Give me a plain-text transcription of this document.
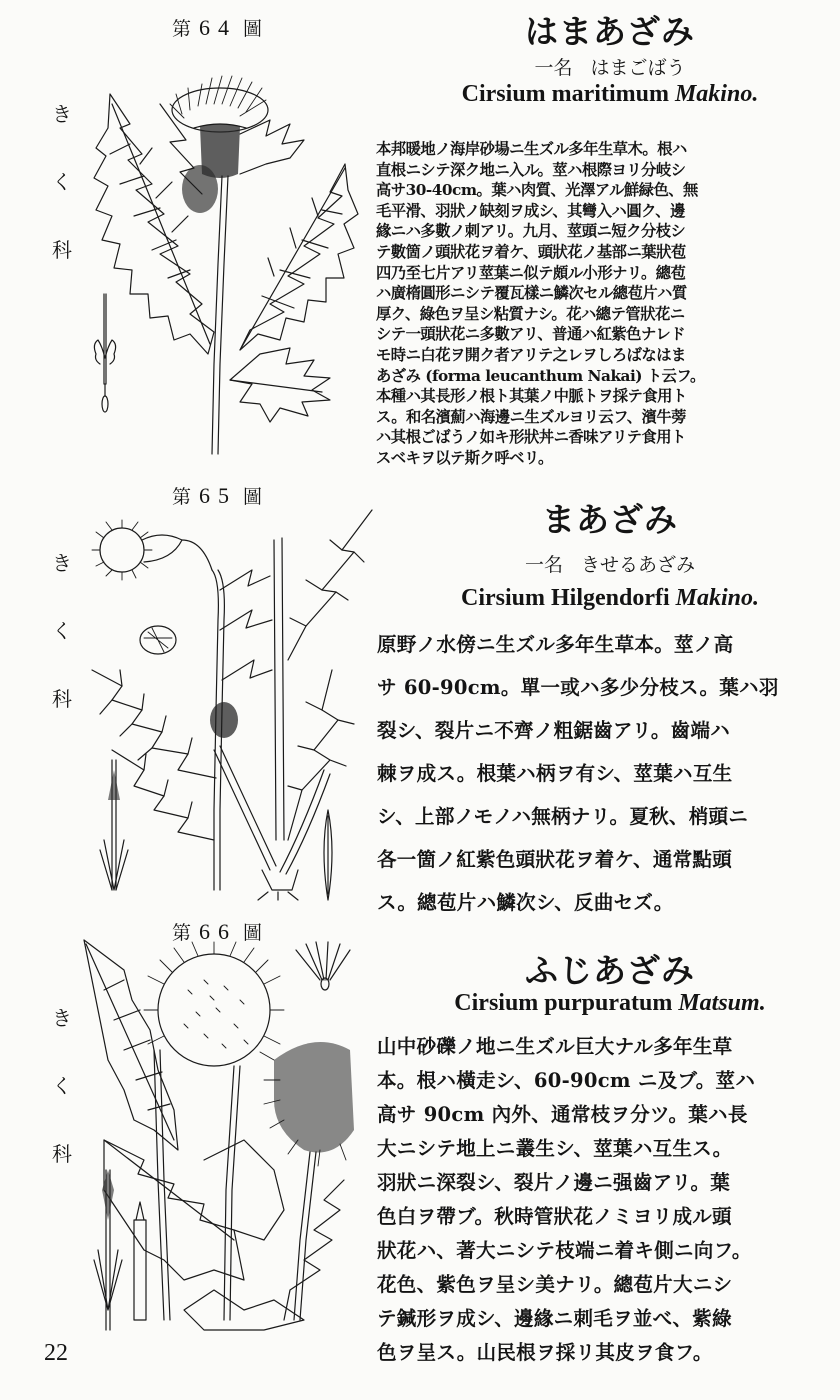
第 64 圖
き
く
科
はまあざみ
一名 はまごばう
Cirsium maritimum Makino.
本邦暖地ノ海岸砂場ニ生ズル多年生草木。根ハ
直根ニシテ深ク地ニ入ル。莖ハ根際ヨリ分岐シ
高サ30-40cm。葉ハ肉質、光澤アル鮮緑色、無
毛平滑、羽狀ノ缺刻ヲ成シ、其彎入ハ圓ク、邊
緣ニハ多數ノ刺アリ。九月、莖頭ニ短ク分枝シ
テ數箇ノ頭狀花ヲ着ケ、頭狀花ノ基部ニ葉狀苞
四乃至七片アリ莖葉ニ似テ頗ル小形ナリ。總苞
ハ廣楕圓形ニシテ覆瓦樣ニ鱗次セル總苞片ハ質
厚ク、綠色ヲ呈シ粘質ナシ。花ハ總テ管狀花ニ
シテ一頭狀花ニ多數アリ、普通ハ紅紫色ナレド
モ時ニ白花ヲ開ク者アリテ之レヲしろばなはま
あざみ (forma leucanthum Nakai) ト云フ。
本種ハ其長形ノ根ト其葉ノ中脈トヲ採テ食用ト
ス。和名濱薊ハ海邊ニ生ズルヨリ云フ、濱牛蒡
ハ其根ごばうノ如キ形狀丼ニ香味アリテ食用ト
スベキヲ以テ斯ク呼ベリ。
第 65 圖
き
く
科
まあざみ
一名 きせるあざみ
Cirsium Hilgendorfi Makino.
原野ノ水傍ニ生ズル多年生草本。莖ノ高
サ 60-90cm。單一或ハ多少分枝ス。葉ハ羽
裂シ、裂片ニ不齊ノ粗鋸齒アリ。齒端ハ
棘ヲ成ス。根葉ハ柄ヲ有シ、莖葉ハ互生
シ、上部ノモノハ無柄ナリ。夏秋、梢頭ニ
各一箇ノ紅紫色頭狀花ヲ着ケ、通常點頭
ス。總苞片ハ鱗次シ、反曲セズ。
第 66 圖
き
く
科
ふじあざみ
Cirsium purpuratum Matsum.
山中砂礫ノ地ニ生ズル巨大ナル多年生草
本。根ハ橫走シ、60-90cm ニ及ブ。莖ハ
高サ 90cm 內外、通常枝ヲ分ツ。葉ハ長
大ニシテ地上ニ叢生シ、莖葉ハ互生ス。
羽狀ニ深裂シ、裂片ノ邊ニ强齒アリ。葉
色白ヲ帶ブ。秋時管狀花ノミヨリ成ル頭
狀花ハ、著大ニシテ枝端ニ着キ側ニ向フ。
花色、紫色ヲ呈シ美ナリ。總苞片大ニシ
テ鍼形ヲ成シ、邊緣ニ刺毛ヲ並べ、紫綠
色ヲ呈ス。山民根ヲ採リ其皮ヲ食フ。
22
